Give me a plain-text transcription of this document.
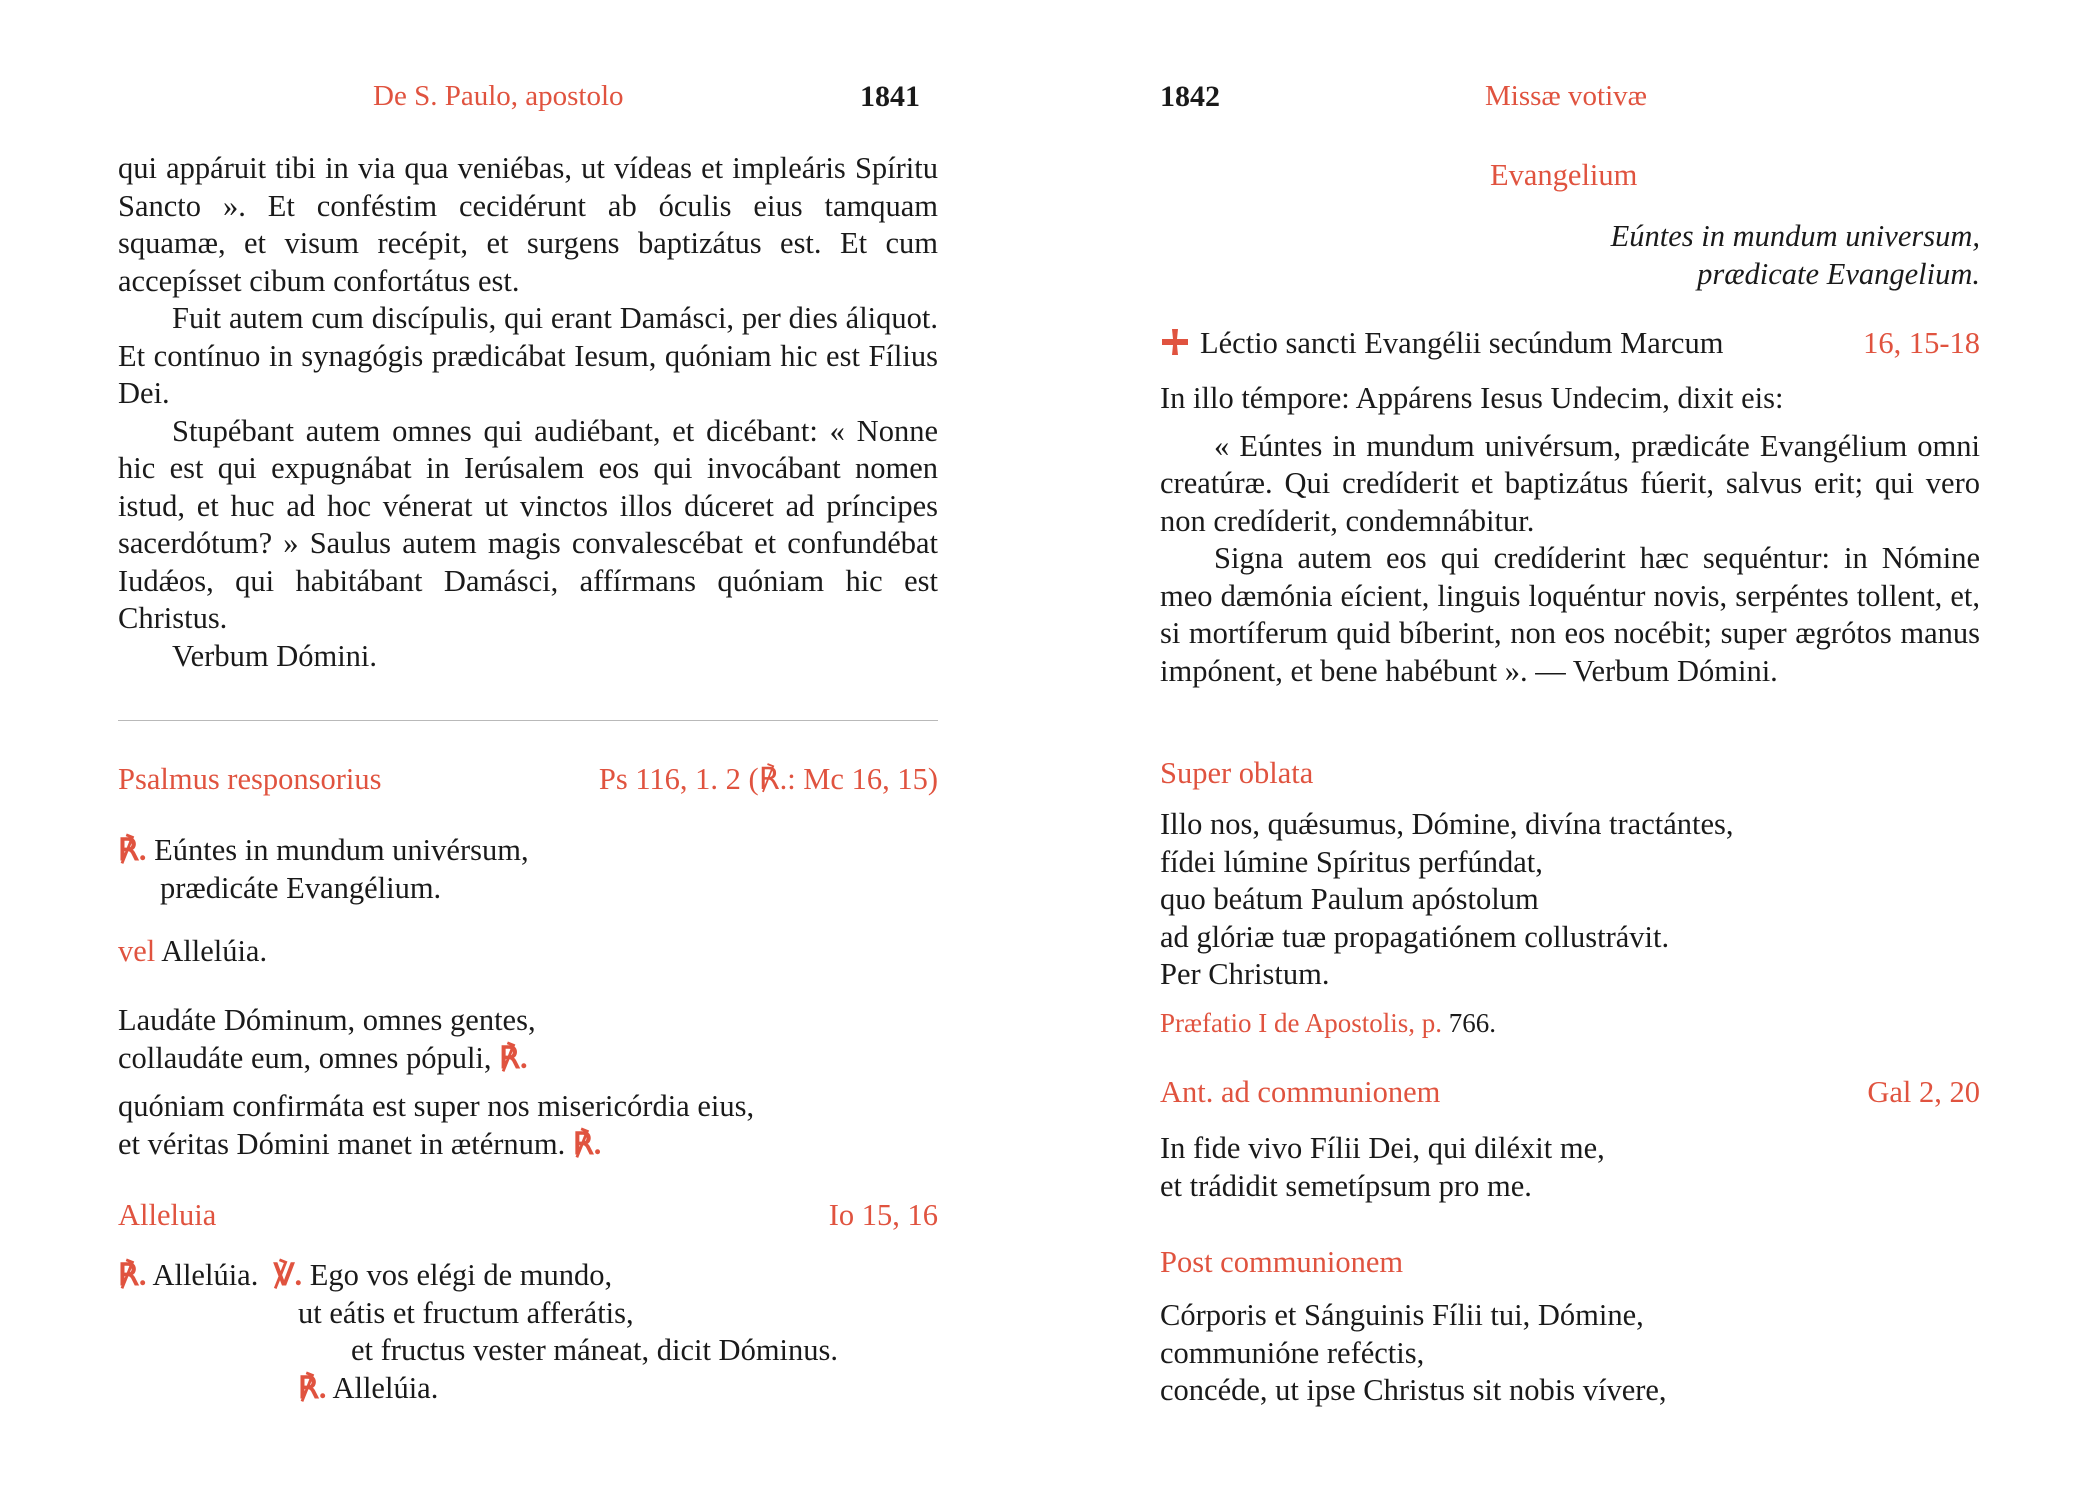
De S. Paulo, apostolo	1841

qui appáruit tibi in via qua veniébas, ut vídeas et impleáris Spíritu Sancto ». Et conféstim cecidérunt ab óculis eius tamquam squamæ, et visum recépit, et surgens baptizátus est. Et cum accepísset cibum confortátus est.

Fuit autem cum discípulis, qui erant Damásci, per dies áliquot. Et contínuo in synagógis prædicábat Iesum, quóniam hic est Fílius Dei.

Stupébant autem omnes qui audiébant, et dicébant: « Nonne hic est qui expugnábat in Ierúsalem eos qui invocábant nomen istud, et huc ad hoc vénerat ut vinctos illos dúceret ad príncipes sacerdótum? » Saulus autem magis convalescébat et confundébat Iudǽos, qui habitábant Damásci, affírmans quóniam hic est Christus.

Verbum Dómini.

Psalmus responsorius	Ps 116, 1. 2 (℟.: Mc 16, 15)

℟. Eúntes in mundum univérsum,

prædicáte Evangélium.

vel Allelúia.

Laudáte Dóminum, omnes gentes,

collaudáte eum, omnes pópuli, ℟.

quóniam confirmáta est super nos misericórdia eius,

et véritas Dómini manet in ætérnum. ℟.

Alleluia	Io 15, 16

℟. Allelúia. ℣. Ego vos elégi de mundo,

ut eátis et fructum afferátis,

et fructus vester máneat, dicit Dóminus.

℟. Allelúia.

1842	Missæ votivæ
Evangelium

Eúntes in mundum universum,

prædicate Evangelium.

Léctio sancti Evangélii secúndum Marcum	16, 15-18

In illo témpore: Appárens Iesus Undecim, dixit eis:

« Eúntes in mundum univérsum, prædicáte Evangélium omni creatúræ. Qui credíderit et baptizátus fúerit, salvus erit; qui vero non credíderit, condemnábitur.

Signa autem eos qui credíderint hæc sequéntur: in Nómine meo dæmónia eícient, linguis loquéntur novis, serpéntes tollent, et, si mortíferum quid bíberint, non eos nocébit; super ægrótos manus impónent, et bene habébunt ». — Verbum Dómini.

Super oblata

Illo nos, quǽsumus, Dómine, divína tractántes,

fídei lúmine Spíritus perfúndat,

quo beátum Paulum apóstolum

ad glóriæ tuæ propagatiónem collustrávit.

Per Christum.

Præfatio I de Apostolis, p. 766.
Ant. ad communionem	Gal 2, 20

In fide vivo Fílii Dei, qui diléxit me,

et trádidit semetípsum pro me.

Post communionem

Córporis et Sánguinis Fílii tui, Dómine,

communióne reféctis,

concéde, ut ipse Christus sit nobis vívere,
